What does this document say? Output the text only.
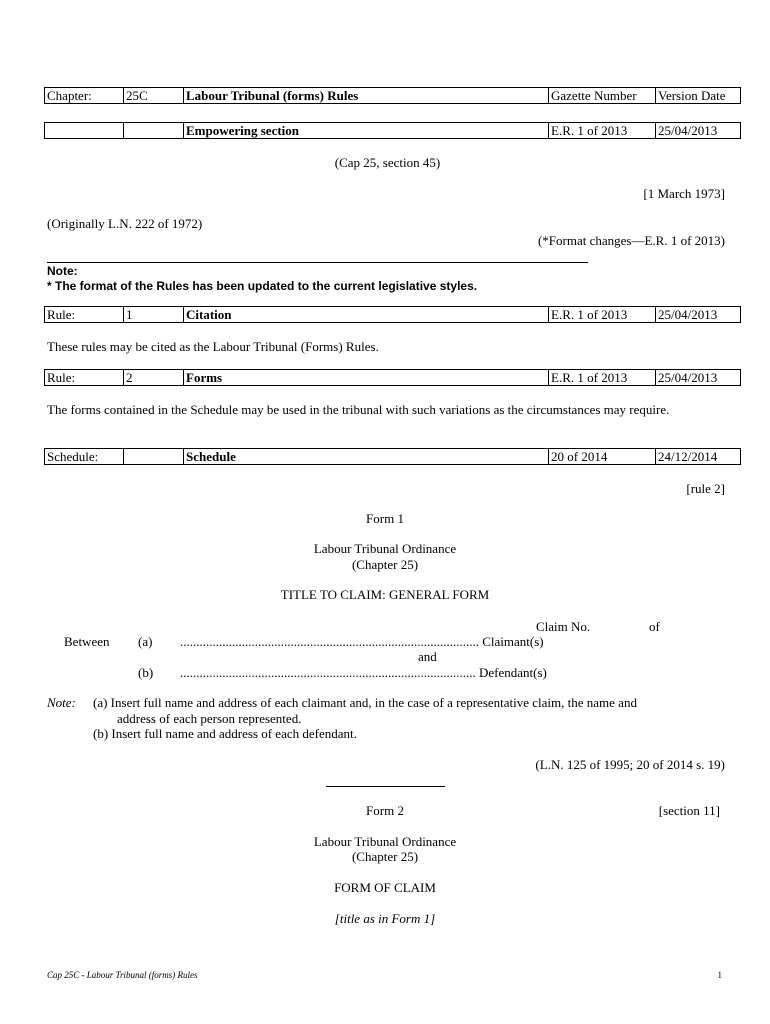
Chapter:	25C	Labour Tribunal (forms) Rules	Gazette Number	Version Date
		Empowering section	E.R. 1 of 2013	25/04/2013
(Cap 25, section 45)
[1 March 1973]
(Originally L.N. 222 of 1972)
(*Format changes—E.R. 1 of 2013)
Note:
* The format of the Rules has been updated to the current legislative styles.
Rule:	1	Citation	E.R. 1 of 2013	25/04/2013
These rules may be cited as the Labour Tribunal (Forms) Rules.
Rule:	2	Forms	E.R. 1 of 2013	25/04/2013
The forms contained in the Schedule may be used in the tribunal with such variations as the circumstances may require.
Schedule:		Schedule	20 of 2014	24/12/2014
[rule 2]
Form 1
Labour Tribunal Ordinance
(Chapter 25)
TITLE TO CLAIM: GENERAL FORM
Claim No.	of
Between (a) ............................................................................................ Claimant(s)
and
(b) ........................................................................................... Defendant(s)
Note: (a) Insert full name and address of each claimant and, in the case of a representative claim, the name and
address of each person represented.
(b) Insert full name and address of each defendant.
(L.N. 125 of 1995; 20 of 2014 s. 19)
Form 2	[section 11]
Labour Tribunal Ordinance
(Chapter 25)
FORM OF CLAIM
[title as in Form 1]
Cap 25C - Labour Tribunal (forms) Rules	1
